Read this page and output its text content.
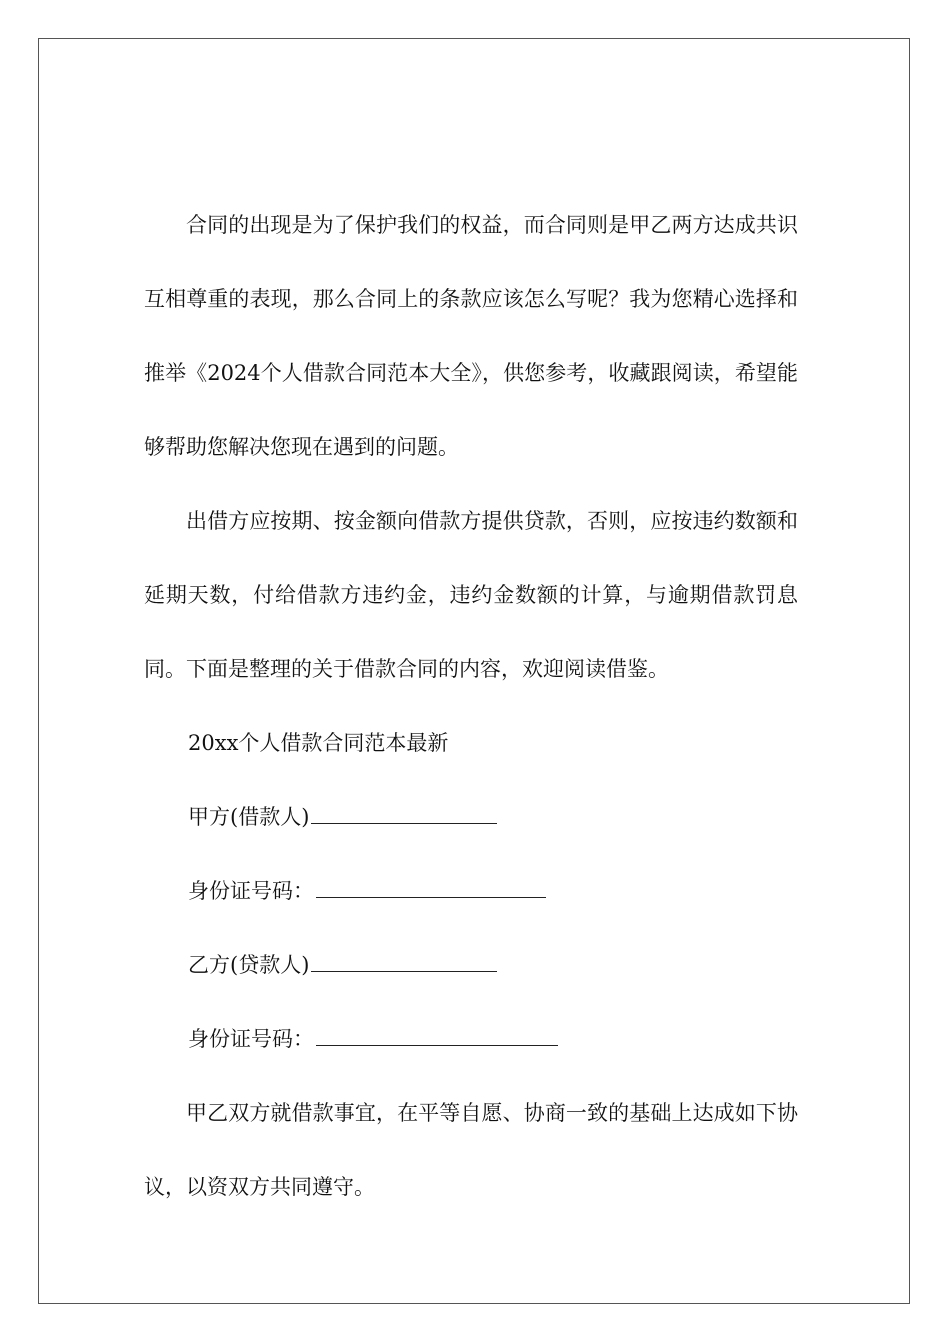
合同的出现是为了保护我们的权益，而合同则是甲乙两方达成共识互相尊重的表现，那么合同上的条款应该怎么写呢？我为您精心选择和推举《2024个人借款合同范本大全》，供您参考，收藏跟阅读，希望能够帮助您解决您现在遇到的问题。

出借方应按期、按金额向借款方提供贷款，否则，应按违约数额和延期天数，付给借款方违约金，违约金数额的计算，与逾期借款罚息同。下面是整理的关于借款合同的内容，欢迎阅读借鉴。

20xx个人借款合同范本最新

甲方(借款人)

身份证号码：

乙方(贷款人)

身份证号码：

甲乙双方就借款事宜，在平等自愿、协商一致的基础上达成如下协议，以资双方共同遵守。
